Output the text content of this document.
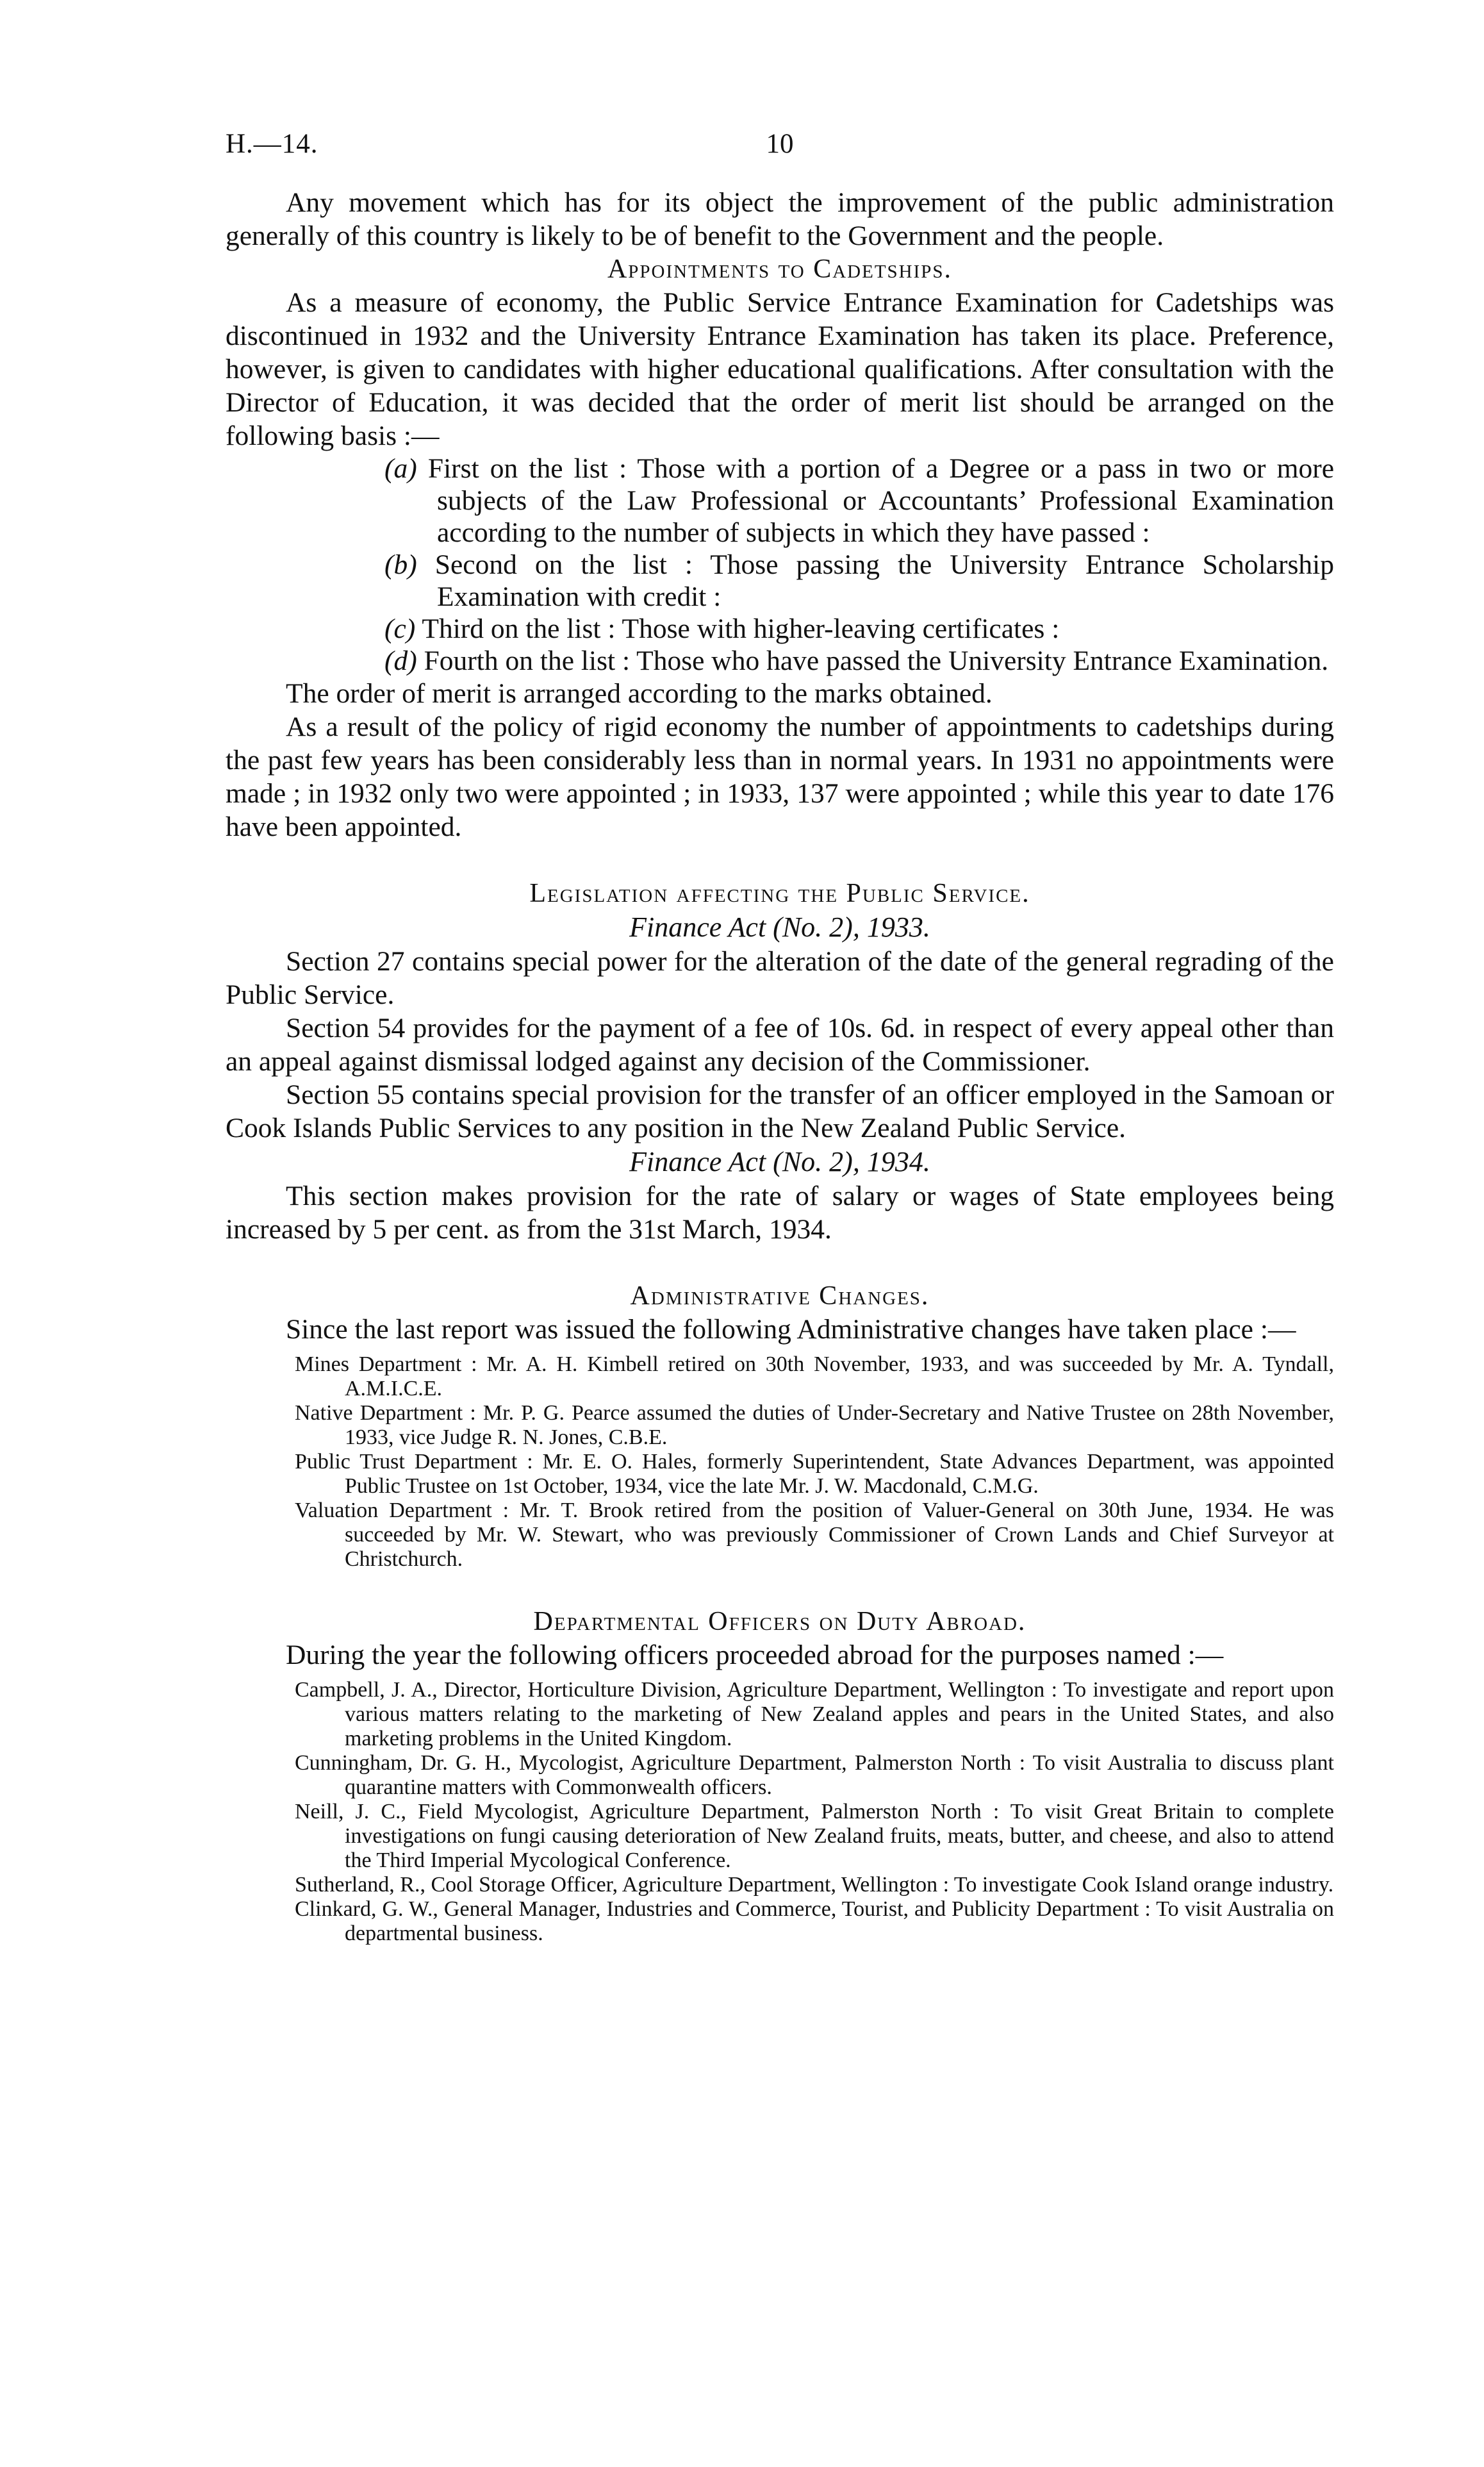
H.—14.	10

Any movement which has for its object the improvement of the public administration generally of this country is likely to be of benefit to the Government and the people.

Appointments to Cadetships.

As a measure of economy, the Public Service Entrance Examination for Cadetships was discontinued in 1932 and the University Entrance Examination has taken its place. Preference, however, is given to candidates with higher educational qualifications. After consultation with the Director of Education, it was decided that the order of merit list should be arranged on the following basis :—

(a) First on the list : Those with a portion of a Degree or a pass in two or more subjects of the Law Professional or Accountants’ Professional Examination according to the number of subjects in which they have passed :
(b) Second on the list : Those passing the University Entrance Scholarship Examination with credit :
(c) Third on the list : Those with higher-leaving certificates :
(d) Fourth on the list : Those who have passed the University Entrance Examination.

The order of merit is arranged according to the marks obtained.

As a result of the policy of rigid economy the number of appointments to cadetships during the past few years has been considerably less than in normal years. In 1931 no appointments were made ; in 1932 only two were appointed ; in 1933, 137 were appointed ; while this year to date 176 have been appointed.

Legislation affecting the Public Service.

Finance Act (No. 2), 1933.

Section 27 contains special power for the alteration of the date of the general regrading of the Public Service.

Section 54 provides for the payment of a fee of 10s. 6d. in respect of every appeal other than an appeal against dismissal lodged against any decision of the Commissioner.

Section 55 contains special provision for the transfer of an officer employed in the Samoan or Cook Islands Public Services to any position in the New Zealand Public Service.

Finance Act (No. 2), 1934.

This section makes provision for the rate of salary or wages of State employees being increased by 5 per cent. as from the 31st March, 1934.

Administrative Changes.

Since the last report was issued the following Administrative changes have taken place :—

Mines Department : Mr. A. H. Kimbell retired on 30th November, 1933, and was succeeded by Mr. A. Tyndall, A.M.I.C.E.

Native Department : Mr. P. G. Pearce assumed the duties of Under-Secretary and Native Trustee on 28th November, 1933, vice Judge R. N. Jones, C.B.E.

Public Trust Department : Mr. E. O. Hales, formerly Superintendent, State Advances Department, was appointed Public Trustee on 1st October, 1934, vice the late Mr. J. W. Macdonald, C.M.G.

Valuation Department : Mr. T. Brook retired from the position of Valuer-General on 30th June, 1934. He was succeeded by Mr. W. Stewart, who was previously Commissioner of Crown Lands and Chief Surveyor at Christchurch.

Departmental Officers on Duty Abroad.

During the year the following officers proceeded abroad for the purposes named :—

Campbell, J. A., Director, Horticulture Division, Agriculture Department, Wellington : To investigate and report upon various matters relating to the marketing of New Zealand apples and pears in the United States, and also marketing problems in the United Kingdom.

Cunningham, Dr. G. H., Mycologist, Agriculture Department, Palmerston North : To visit Australia to discuss plant quarantine matters with Commonwealth officers.

Neill, J. C., Field Mycologist, Agriculture Department, Palmerston North : To visit Great Britain to complete investigations on fungi causing deterioration of New Zealand fruits, meats, butter, and cheese, and also to attend the Third Imperial Mycological Conference.

Sutherland, R., Cool Storage Officer, Agriculture Department, Wellington : To investigate Cook Island orange industry.

Clinkard, G. W., General Manager, Industries and Commerce, Tourist, and Publicity Department : To visit Australia on departmental business.
